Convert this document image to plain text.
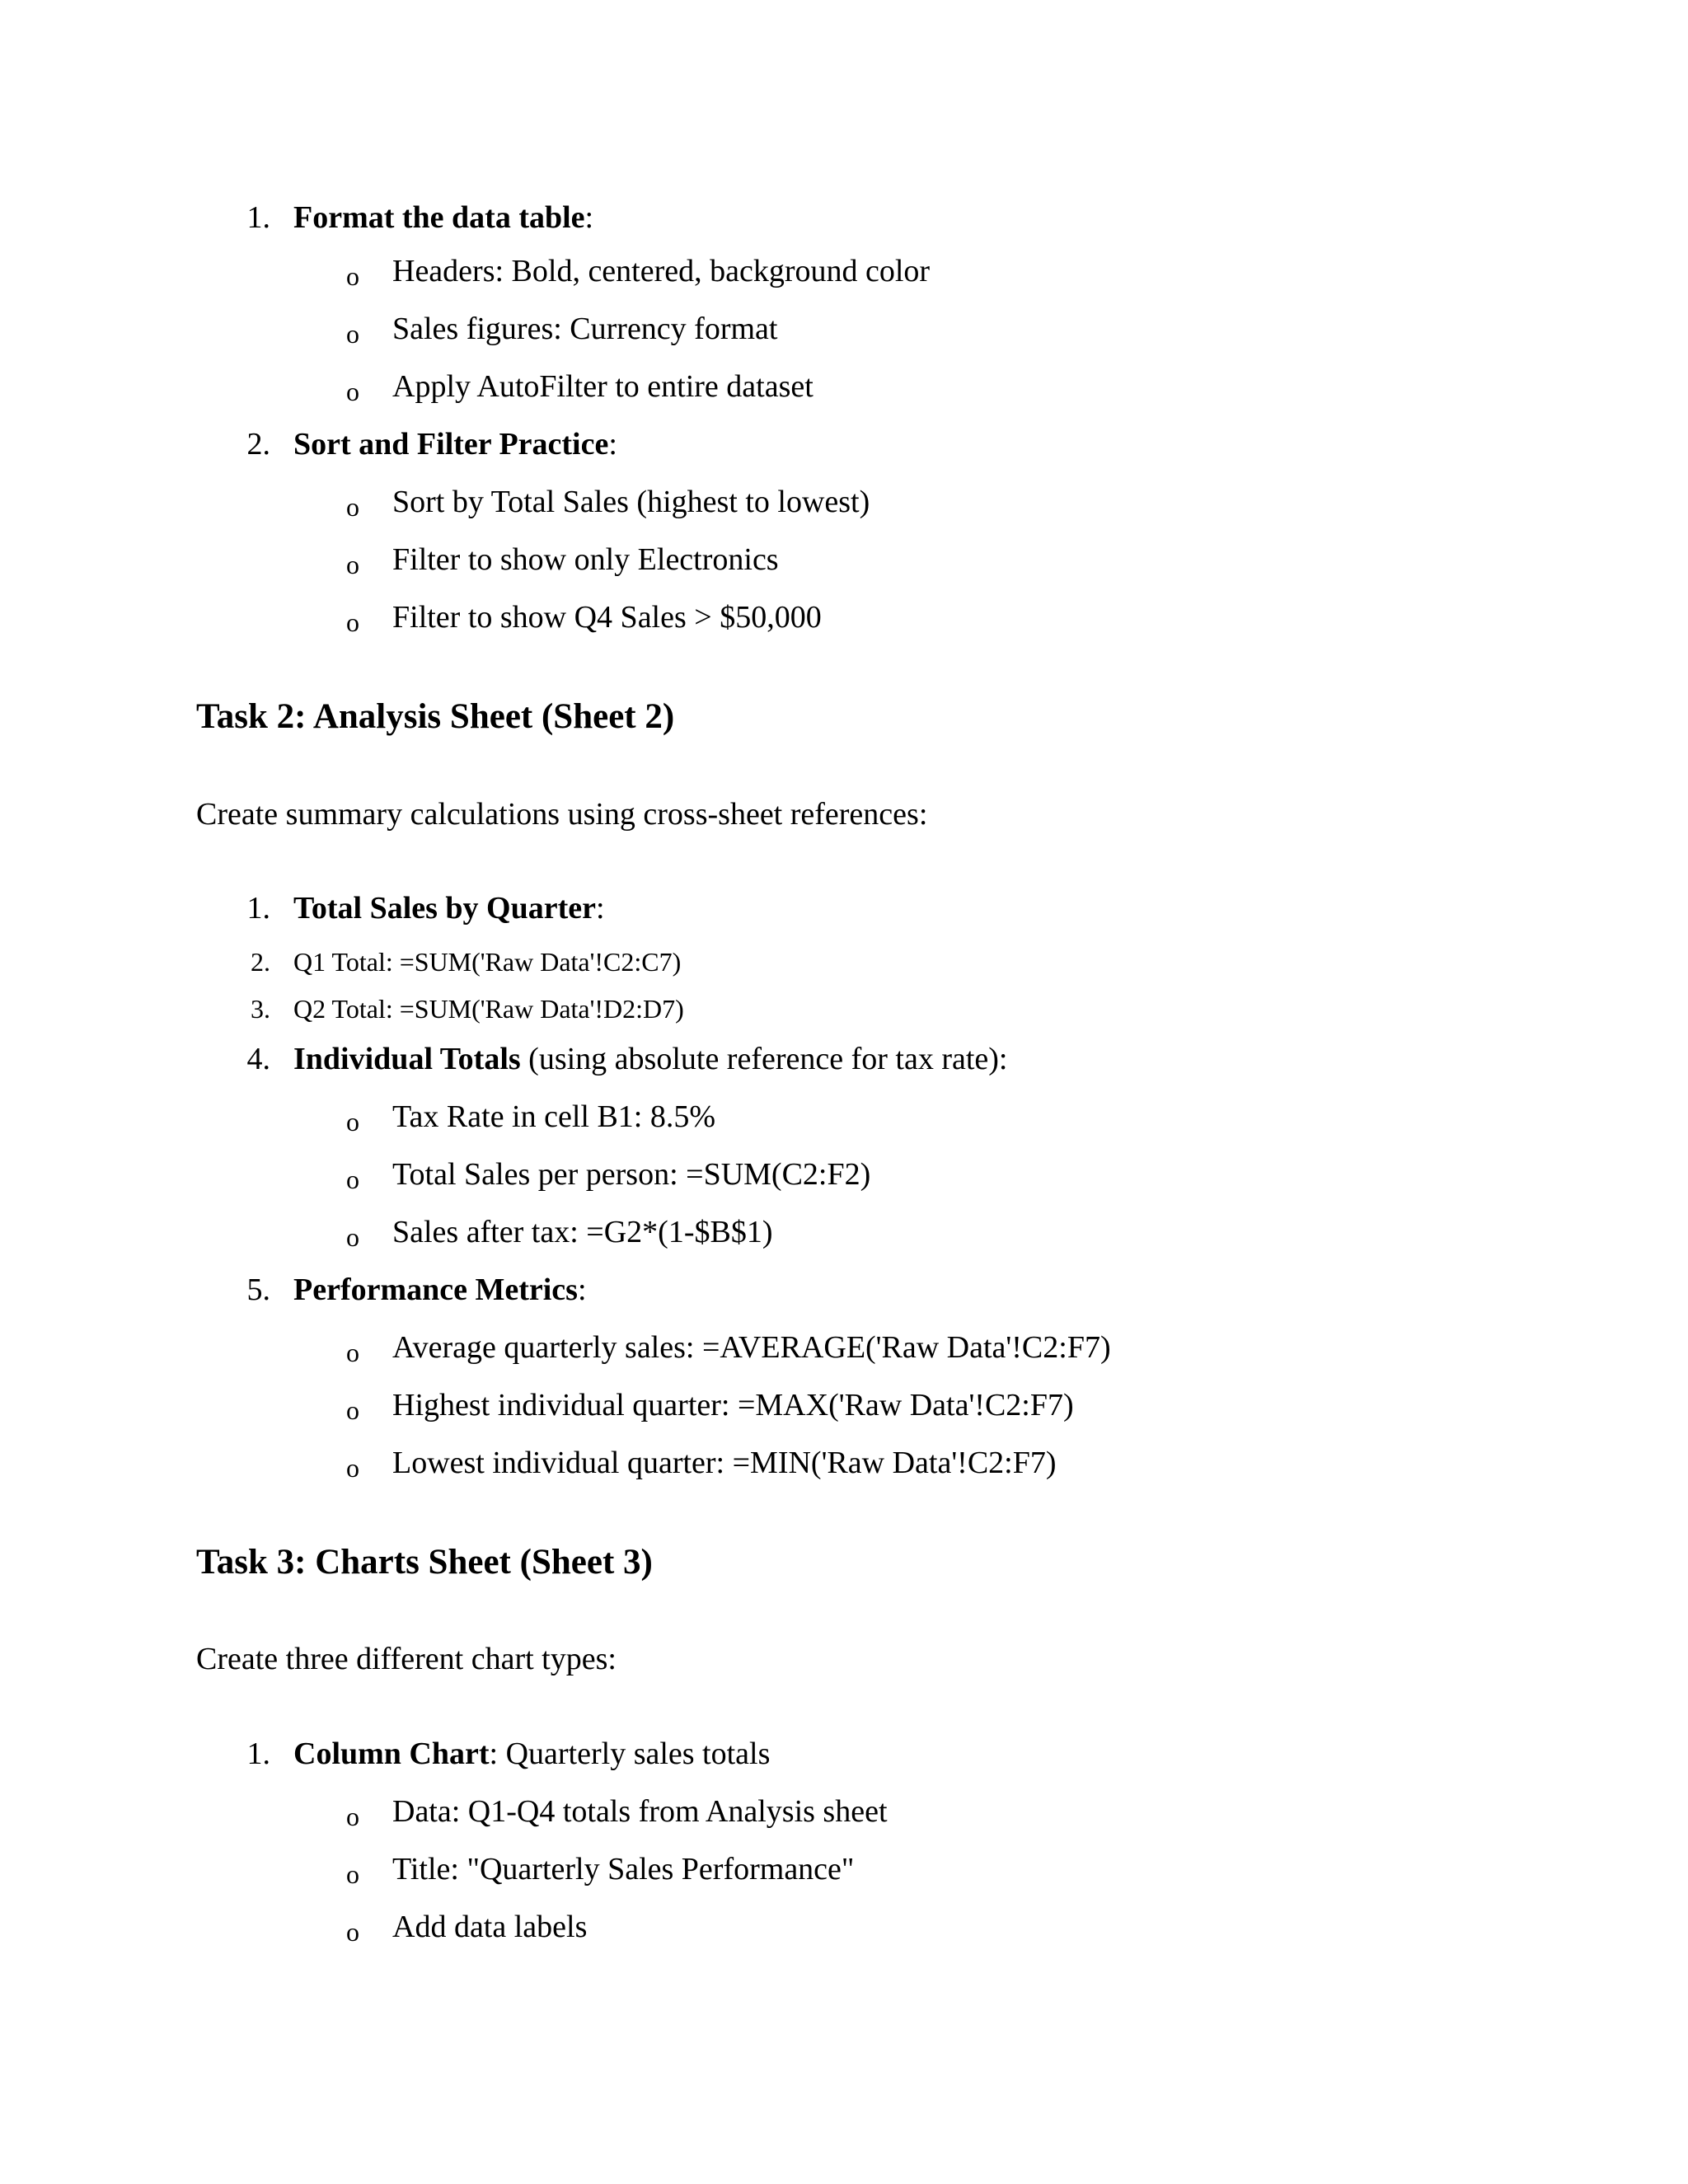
1. Format the data table:
o	Headers: Bold, centered, background color
o	Sales figures: Currency format
o	Apply AutoFilter to entire dataset
2. Sort and Filter Practice:
o	Sort by Total Sales (highest to lowest)
o	Filter to show only Electronics
o	Filter to show Q4 Sales > $50,000
Task 2: Analysis Sheet (Sheet 2)
Create summary calculations using cross-sheet references:
1. Total Sales by Quarter:
2. Q1 Total: =SUM('Raw Data'!C2:C7)
3. Q2 Total: =SUM('Raw Data'!D2:D7)
4. Individual Totals (using absolute reference for tax rate):
o	Tax Rate in cell B1: 8.5%
o	Total Sales per person: =SUM(C2:F2)
o	Sales after tax: =G2*(1-$B$1)
5. Performance Metrics:
o	Average quarterly sales: =AVERAGE('Raw Data'!C2:F7)
o	Highest individual quarter: =MAX('Raw Data'!C2:F7)
o	Lowest individual quarter: =MIN('Raw Data'!C2:F7)
Task 3: Charts Sheet (Sheet 3)
Create three different chart types:
1. Column Chart: Quarterly sales totals
o	Data: Q1-Q4 totals from Analysis sheet
o	Title: "Quarterly Sales Performance"
o	Add data labels
